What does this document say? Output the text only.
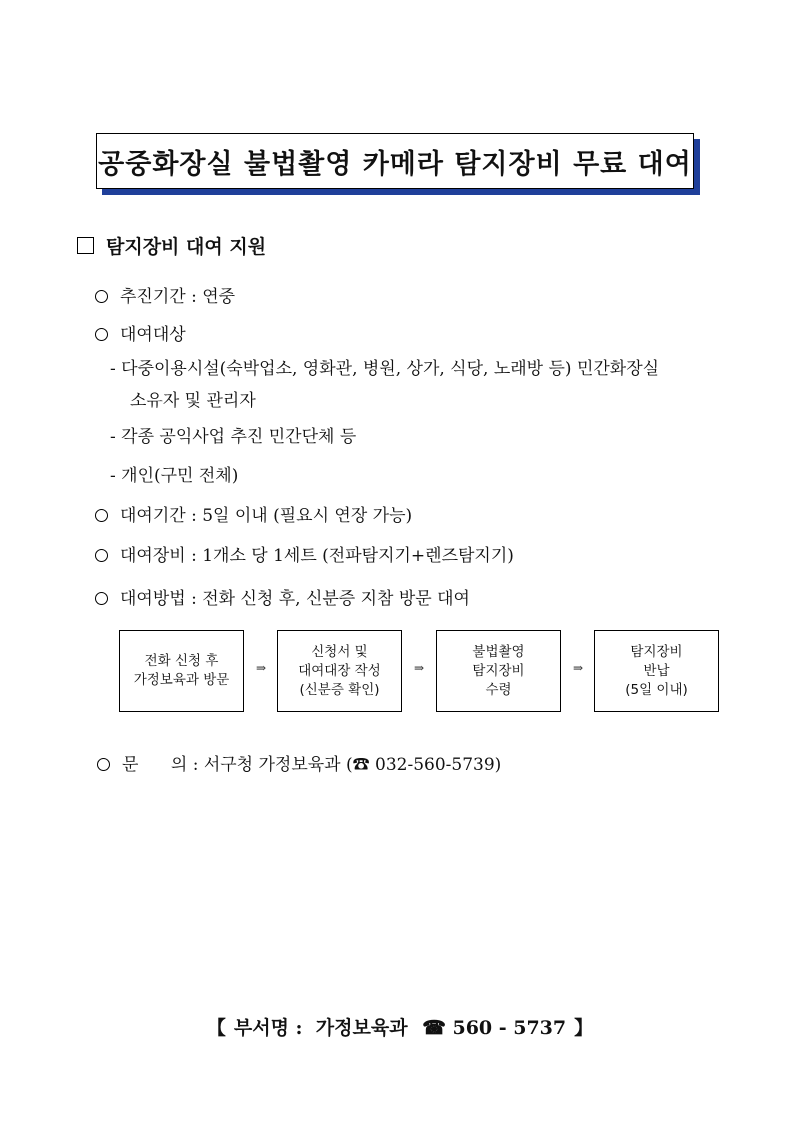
공중화장실 불법촬영 카메라 탐지장비 무료 대여
탐지장비 대여 지원
추진기간 : 연중
대여대상
- 다중이용시설(숙박업소, 영화관, 병원, 상가, 식당, 노래방 등) 민간화장실
소유자 및 관리자
- 각종 공익사업 추진 민간단체 등
- 개인(구민 전체)
대여기간 : 5일 이내 (필요시 연장 가능)
대여장비 : 1개소 당 1세트 (전파탐지기+렌즈탐지기)
대여방법 : 전화 신청 후, 신분증 지참 방문 대여
전화 신청 후
가정보육과 방문
⇒
신청서 및
대여대장 작성
(신분증 확인)
⇒
불법촬영
탐지장비
수령
⇒
탐지장비
반납
(5일 이내)
문      의 : 서구청 가정보육과 (☎ 032-560-5739)
【 부서명 :  가정보육과 ☎ 560 - 5737 】
